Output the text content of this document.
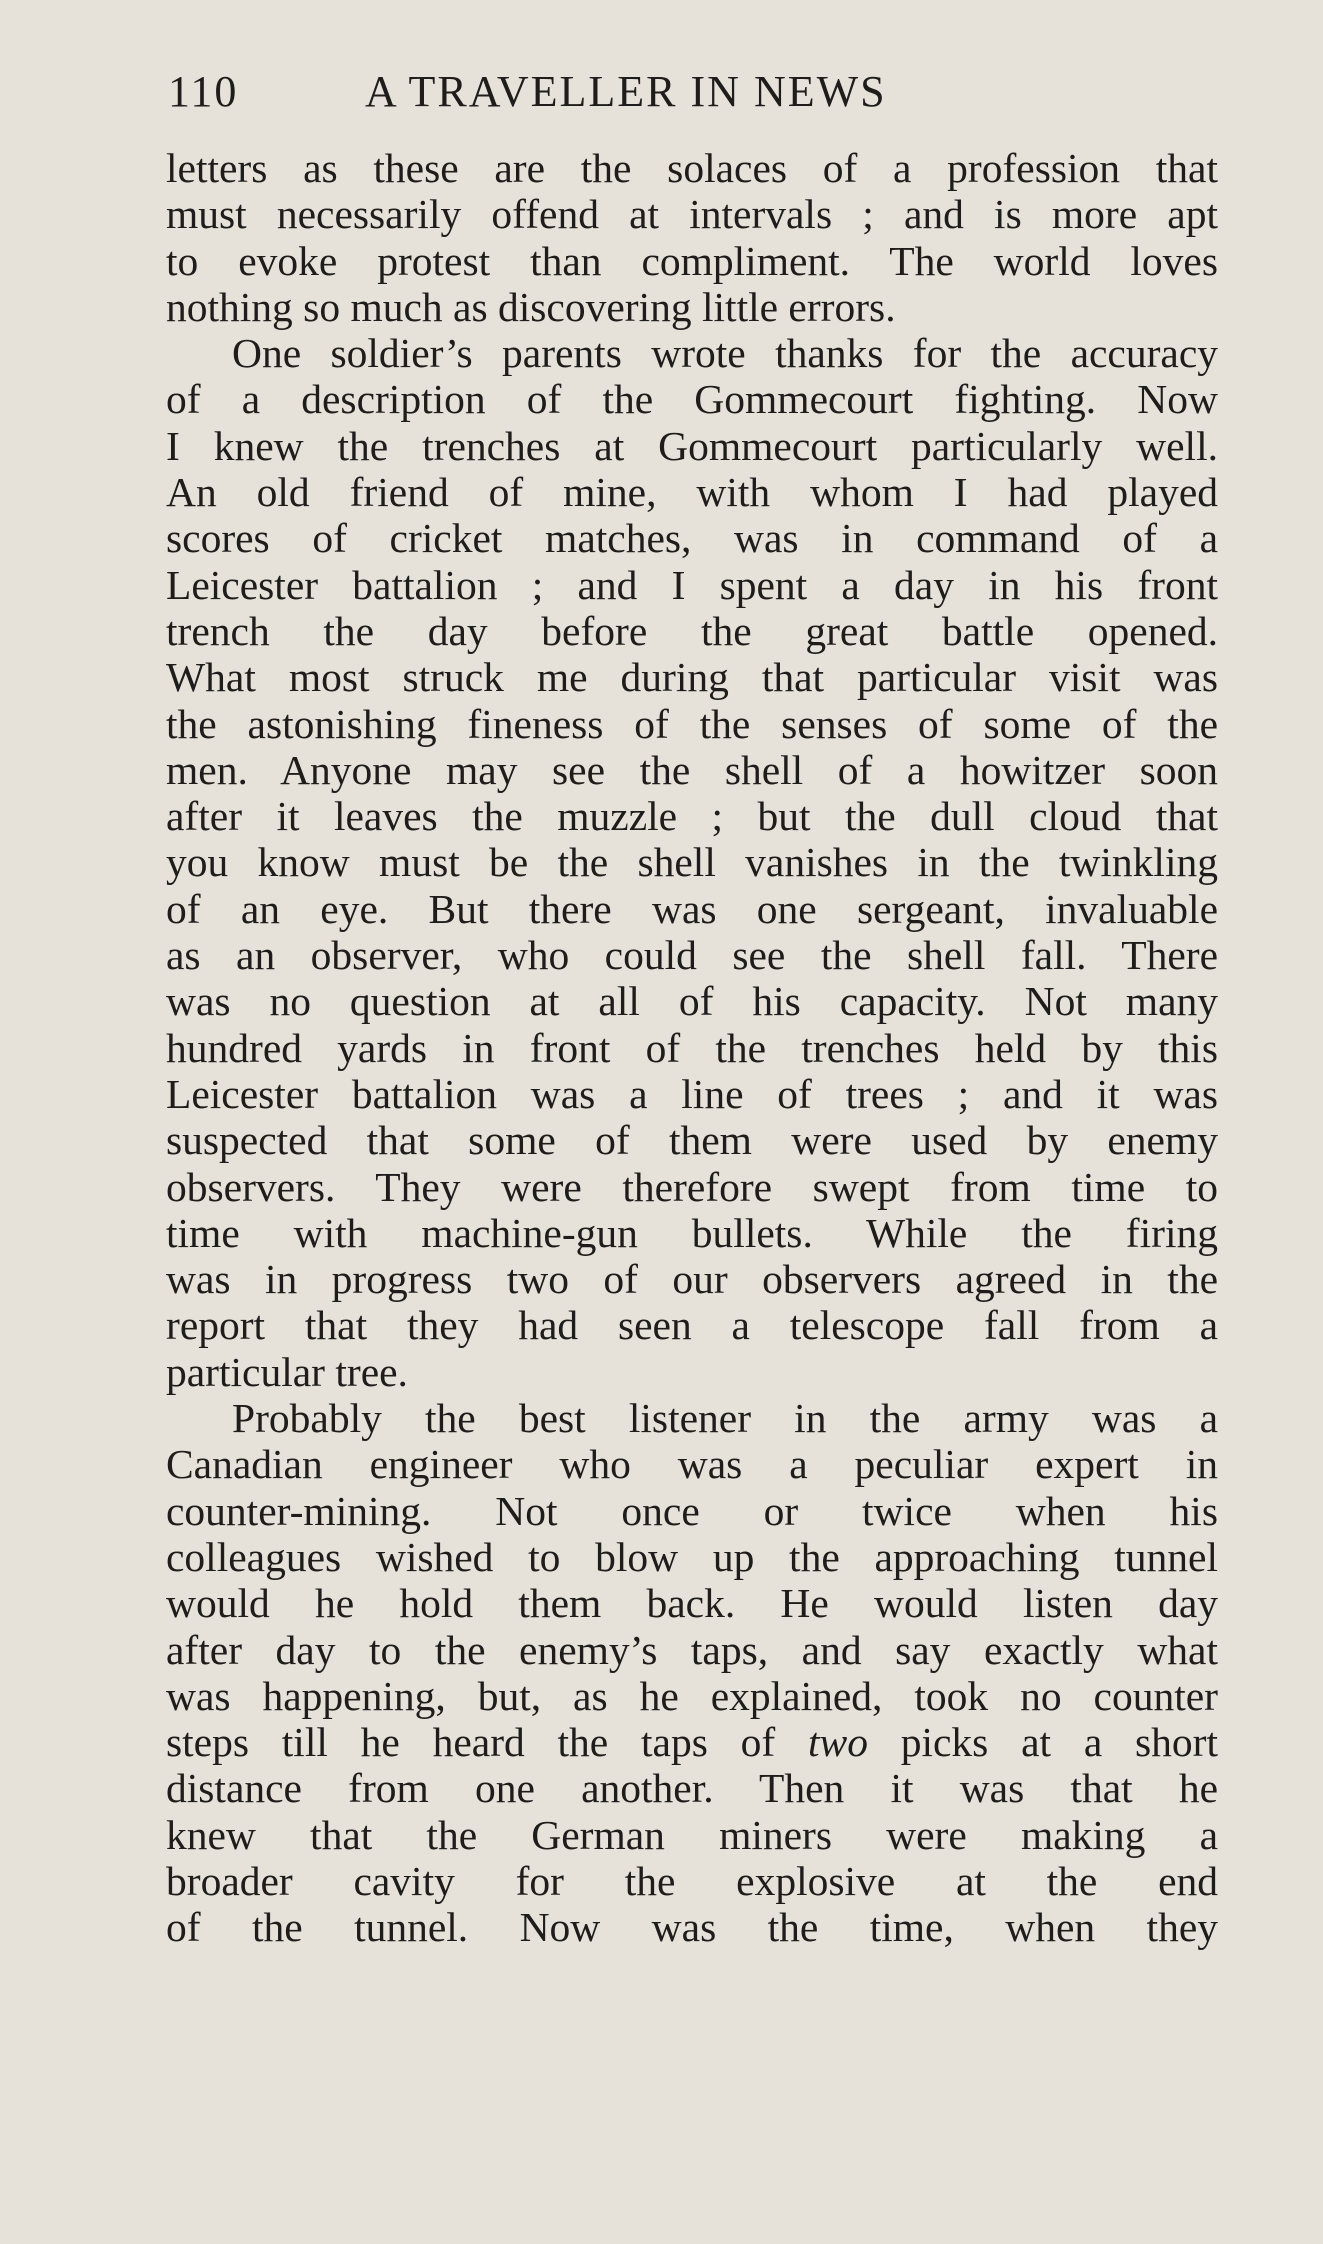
110	A TRAVELLER IN NEWS
letters as these are the solaces of a profession that
must necessarily offend at intervals ; and is more apt
to evoke protest than compliment. The world loves
nothing so much as discovering little errors.
One soldier’s parents wrote thanks for the accuracy
of a description of the Gommecourt fighting. Now
I knew the trenches at Gommecourt particularly well.
An old friend of mine, with whom I had played
scores of cricket matches, was in command of a
Leicester battalion ; and I spent a day in his front
trench the day before the great battle opened.
What most struck me during that particular visit was
the astonishing fineness of the senses of some of the
men. Anyone may see the shell of a howitzer soon
after it leaves the muzzle ; but the dull cloud that
you know must be the shell vanishes in the twinkling
of an eye. But there was one sergeant, invaluable
as an observer, who could see the shell fall. There
was no question at all of his capacity. Not many
hundred yards in front of the trenches held by this
Leicester battalion was a line of trees ; and it was
suspected that some of them were used by enemy
observers. They were therefore swept from time to
time with machine-gun bullets. While the firing
was in progress two of our observers agreed in the
report that they had seen a telescope fall from a
particular tree.
Probably the best listener in the army was a
Canadian engineer who was a peculiar expert in
counter-mining. Not once or twice when his
colleagues wished to blow up the approaching tunnel
would he hold them back. He would listen day
after day to the enemy’s taps, and say exactly what
was happening, but, as he explained, took no counter
steps till he heard the taps of two picks at a short
distance from one another. Then it was that he
knew that the German miners were making a
broader cavity for the explosive at the end
of the tunnel. Now was the time, when they
